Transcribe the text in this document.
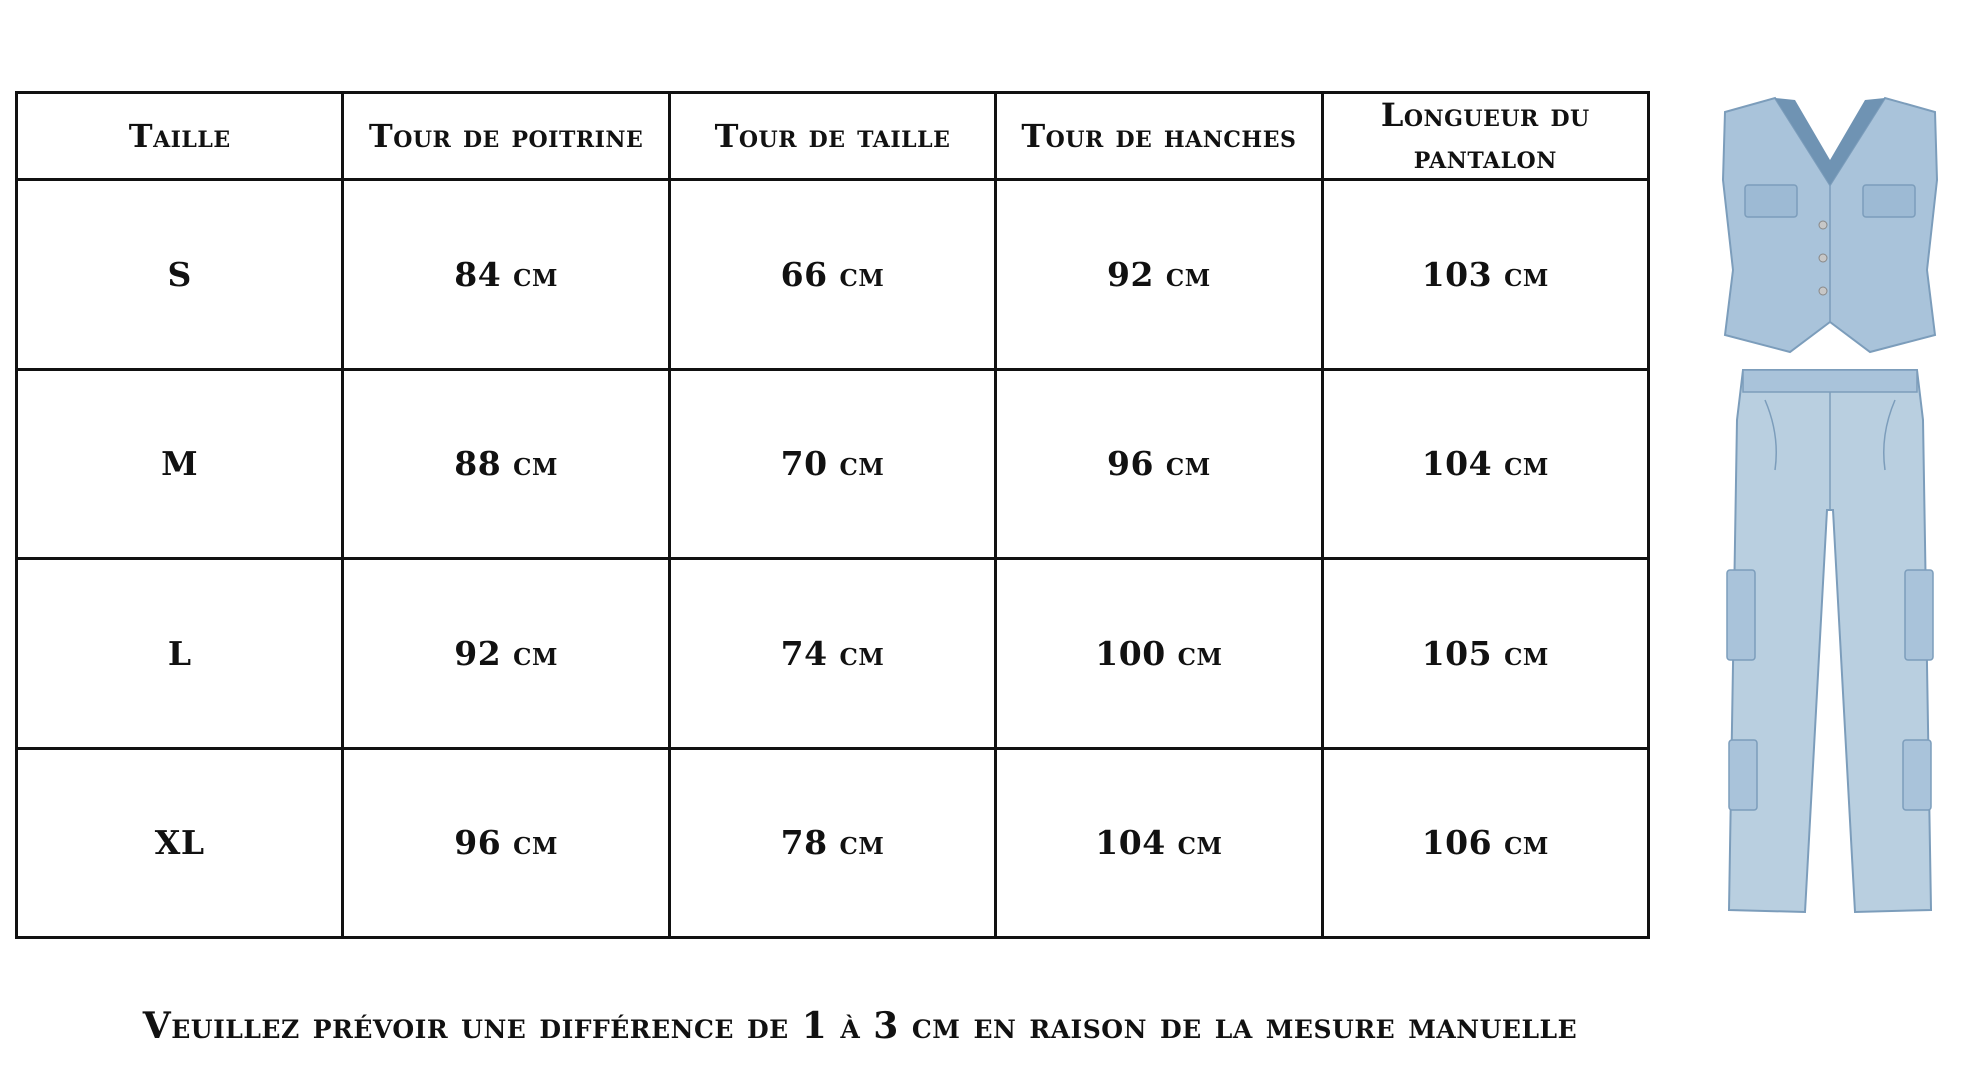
Taille	Tour de poitrine	Tour de taille	Tour de hanches	Longueur du pantalon
S	84 cm	66 cm	92 cm	103 cm
M	88 cm	70 cm	96 cm	104 cm
L	92 cm	74 cm	100 cm	105 cm
XL	96 cm	78 cm	104 cm	106 cm
Veuillez prévoir une différence de 1 à 3 cm en raison de la mesure manuelle
